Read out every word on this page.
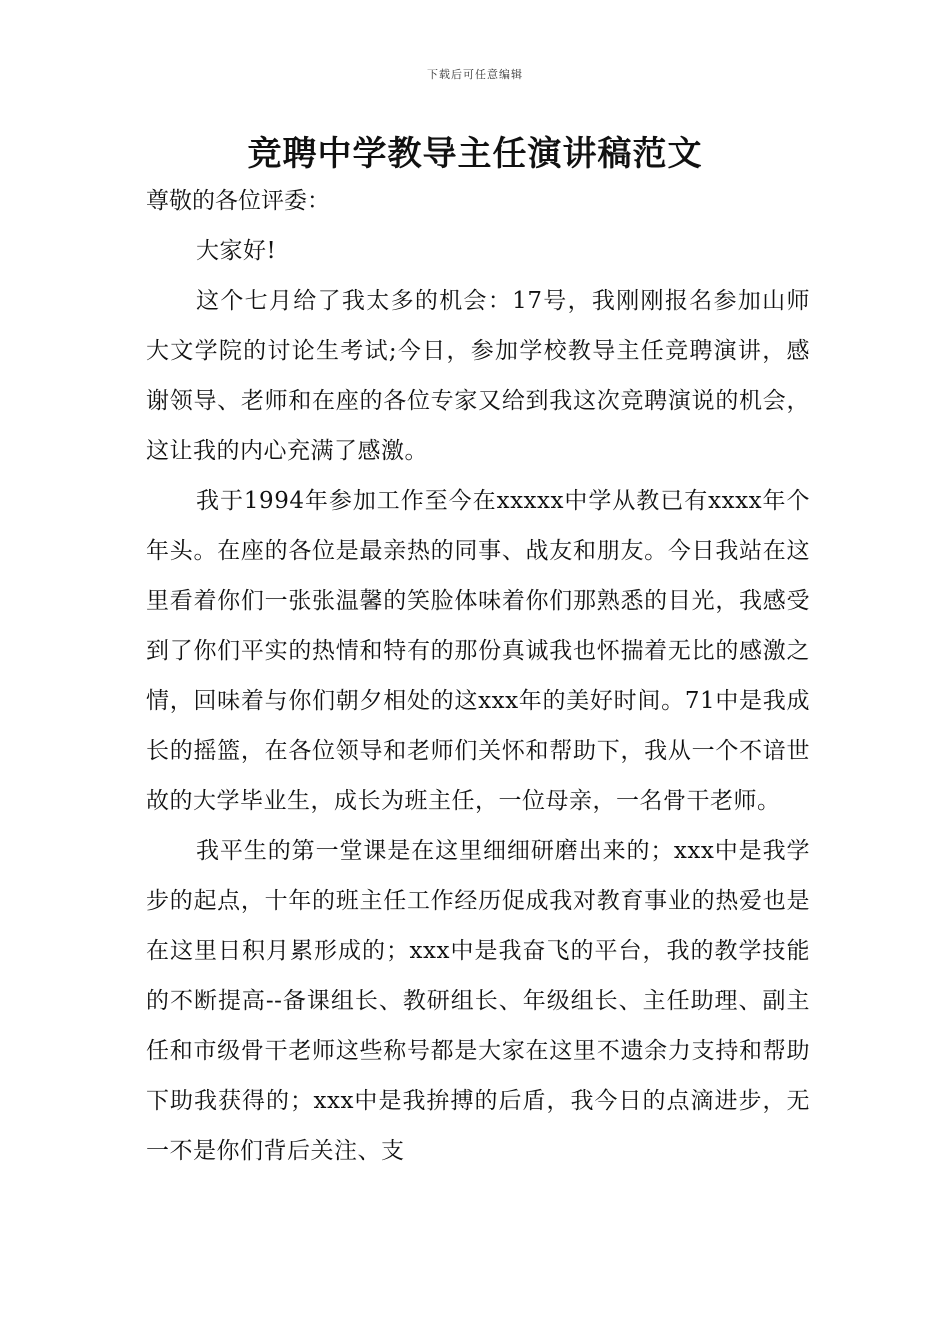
下载后可任意编辑
竞聘中学教导主任演讲稿范文

尊敬的各位评委：

大家好!

这个七月给了我太多的机会：17号，我刚刚报名参加山师大文学院的讨论生考试;今日，参加学校教导主任竞聘演讲，感谢领导、老师和在座的各位专家又给到我这次竞聘演说的机会，这让我的内心充满了感激。

我于1994年参加工作至今在xxxxx中学从教已有xxxx年个年头。在座的各位是最亲热的同事、战友和朋友。今日我站在这里看着你们一张张温馨的笑脸体味着你们那熟悉的目光，我感受到了你们平实的热情和特有的那份真诚我也怀揣着无比的感激之情，回味着与你们朝夕相处的这xxx年的美好时间。71中是我成长的摇篮，在各位领导和老师们关怀和帮助下，我从一个不谙世故的大学毕业生，成长为班主任，一位母亲，一名骨干老师。

我平生的第一堂课是在这里细细研磨出来的；xxx中是我学步的起点，十年的班主任工作经历促成我对教育事业的热爱也是在这里日积月累形成的；xxx中是我奋飞的平台，我的教学技能的不断提高--备课组长、教研组长、年级组长、主任助理、副主任和市级骨干老师这些称号都是大家在这里不遗余力支持和帮助下助我获得的；xxx中是我拚搏的后盾，我今日的点滴进步，无一不是你们背后关注、支
